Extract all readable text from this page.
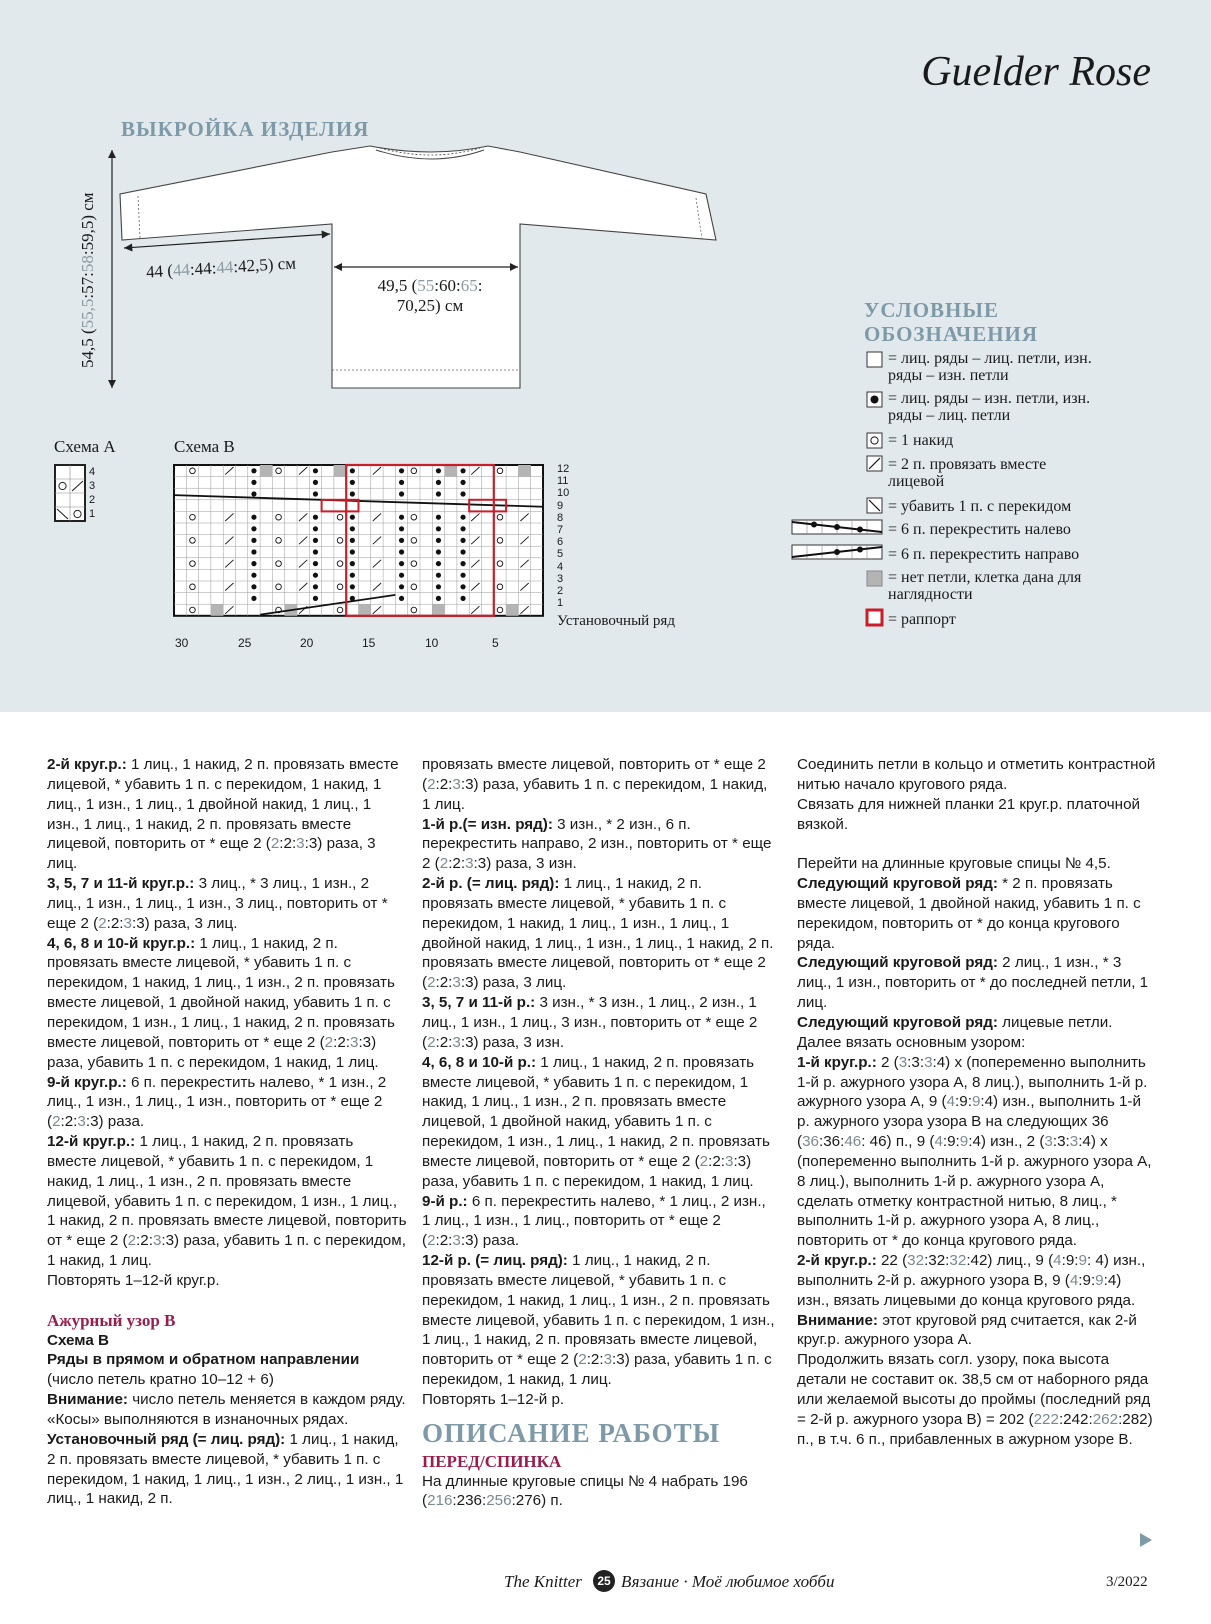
Guelder Rose
ВЫКРОЙКА ИЗДЕЛИЯ
54,5 (55,5:57:58:59,5) см
44 (44:44:44:42,5) см
49,5 (55:60:65:
70,25) см
Схема A	Схема B
4
3
2
1
12
11
10
9
8
7
6
5
4
3
2
1
Установочный ряд
30	25	20	15	10	5
УСЛОВНЫЕ
ОБОЗНАЧЕНИЯ
= лиц. ряды – лиц. петли, изн.
ряды – изн. петли
= лиц. ряды – изн. петли, изн.
ряды – лиц. петли
= 1 накид
= 2 п. провязать вместе
лицевой
= убавить 1 п. с перекидом
= 6 п. перекрестить налево
= 6 п. перекрестить направо
= нет петли, клетка дана для
наглядности
= раппорт
2-й круг.р.: 1 лиц., 1 накид, 2 п. провязать вместе лицевой, * убавить 1 п. с перекидом, 1 накид, 1 лиц., 1 изн., 1 лиц., 1 двойной накид, 1 лиц., 1 изн., 1 лиц., 1 накид, 2 п. провязать вместе лицевой, повторить от * еще 2 (2:2:3:3) раза, 3 лиц.
3, 5, 7 и 11-й круг.р.: 3 лиц., * 3 лиц., 1 изн., 2 лиц., 1 изн., 1 лиц., 1 изн., 3 лиц., повторить от * еще 2 (2:2:3:3) раза, 3 лиц.
4, 6, 8 и 10-й круг.р.: 1 лиц., 1 накид, 2 п. провязать вместе лицевой, * убавить 1 п. с перекидом, 1 накид, 1 лиц., 1 изн., 2 п. провязать вместе лицевой, 1 двойной накид, убавить 1 п. с перекидом, 1 изн., 1 лиц., 1 накид, 2 п. провязать вместе лицевой, повторить от * еще 2 (2:2:3:3) раза, убавить 1 п. с перекидом, 1 накид, 1 лиц.
9-й круг.р.: 6 п. перекрестить налево, * 1 изн., 2 лиц., 1 изн., 1 лиц., 1 изн., повторить от * еще 2 (2:2:3:3) раза.
12-й круг.р.: 1 лиц., 1 накид, 2 п. провязать вместе лицевой, * убавить 1 п. с перекидом, 1 накид, 1 лиц., 1 изн., 2 п. провязать вместе лицевой, убавить 1 п. с перекидом, 1 изн., 1 лиц., 1 накид, 2 п. провязать вместе лицевой, повторить от * еще 2 (2:2:3:3) раза, убавить 1 п. с перекидом, 1 накид, 1 лиц.
Повторять 1–12-й круг.р.
Ажурный узор B
Схема B
Ряды в прямом и обратном направлении
(число петель кратно 10–12 + 6)

Внимание: число петель меняется в каждом ряду.

«Косы» выполняются в изнаночных рядах.

Установочный ряд (= лиц. ряд): 1 лиц., 1 накид, 2 п. провязать вместе лицевой, * убавить 1 п. с перекидом, 1 накид, 1 лиц., 1 изн., 2 лиц., 1 изн., 1 лиц., 1 накид, 2 п.

провязать вместе лицевой, повторить от * еще 2 (2:2:3:3) раза, убавить 1 п. с перекидом, 1 накид, 1 лиц.
1-й р.(= изн. ряд): 3 изн., * 2 изн., 6 п. перекрестить направо, 2 изн., повторить от * еще 2 (2:2:3:3) раза, 3 изн.
2-й р. (= лиц. ряд): 1 лиц., 1 накид, 2 п. провязать вместе лицевой, * убавить 1 п. с перекидом, 1 накид, 1 лиц., 1 изн., 1 лиц., 1 двойной накид, 1 лиц., 1 изн., 1 лиц., 1 накид, 2 п. провязать вместе лицевой, повторить от * еще 2 (2:2:3:3) раза, 3 лиц.
3, 5, 7 и 11-й р.: 3 изн., * 3 изн., 1 лиц., 2 изн., 1 лиц., 1 изн., 1 лиц., 3 изн., повторить от * еще 2 (2:2:3:3) раза, 3 изн.
4, 6, 8 и 10-й р.: 1 лиц., 1 накид, 2 п. провязать вместе лицевой, * убавить 1 п. с перекидом, 1 накид, 1 лиц., 1 изн., 2 п. провязать вместе лицевой, 1 двойной накид, убавить 1 п. с перекидом, 1 изн., 1 лиц., 1 накид, 2 п. провязать вместе лицевой, повторить от * еще 2 (2:2:3:3) раза, убавить 1 п. с перекидом, 1 накид, 1 лиц.
9-й р.: 6 п. перекрестить налево, * 1 лиц., 2 изн., 1 лиц., 1 изн., 1 лиц., повторить от * еще 2 (2:2:3:3) раза.
12-й р. (= лиц. ряд): 1 лиц., 1 накид, 2 п. провязать вместе лицевой, * убавить 1 п. с перекидом, 1 накид, 1 лиц., 1 изн., 2 п. провязать вместе лицевой, убавить 1 п. с перекидом, 1 изн., 1 лиц., 1 накид, 2 п. провязать вместе лицевой, повторить от * еще 2 (2:2:3:3) раза, убавить 1 п. с перекидом, 1 накид, 1 лиц.
Повторять 1–12-й р.
ОПИСАНИЕ РАБОТЫ
ПЕРЕД/СПИНКА

На длинные круговые спицы № 4 набрать 196 (216:236:256:276) п.

Соединить петли в кольцо и отметить контрастной нитью начало кругового ряда.
Связать для нижней планки 21 круг.р. платочной вязкой.

Перейти на длинные круговые спицы № 4,5.
Следующий круговой ряд: * 2 п. провязать вместе лицевой, 1 двойной накид, убавить 1 п. с перекидом, повторить от * до конца кругового ряда.
Следующий круговой ряд: 2 лиц., 1 изн., * 3 лиц., 1 изн., повторить от * до последней петли, 1 лиц.
Следующий круговой ряд: лицевые петли.
Далее вязать основным узором:
1-й круг.р.: 2 (3:3:3:4) х (попеременно выполнить 1-й р. ажурного узора A, 8 лиц.), выполнить 1-й р. ажурного узора A, 9 (4:9:9:4) изн., выполнить 1-й р. ажурного узора узора B на следующих 36 (36:36:46: 46) п., 9 (4:9:9:4) изн., 2 (3:3:3:4) х (попеременно выполнить 1-й р. ажурного узора A, 8 лиц.), выполнить 1-й р. ажурного узора A, сделать отметку контрастной нитью, 8 лиц., * выполнить 1-й р. ажурного узора A, 8 лиц., повторить от * до конца кругового ряда.
2-й круг.р.: 22 (32:32:32:42) лиц., 9 (4:9:9: 4) изн., выполнить 2-й р. ажурного узора B, 9 (4:9:9:4) изн., вязать лицевыми до конца кругового ряда.
Внимание: этот круговой ряд считается, как 2-й круг.р. ажурного узора A.
Продолжить вязать согл. узору, пока высота детали не составит ок. 38,5 см от наборного ряда или желаемой высоты до проймы (последний ряд = 2-й р. ажурного узора B) = 202 (222:242:262:282) п., в т.ч. 6 п., прибавленных в ажурном узоре B.
The Knitter	25 Вязание · Моё любимое хобби	3/2022
